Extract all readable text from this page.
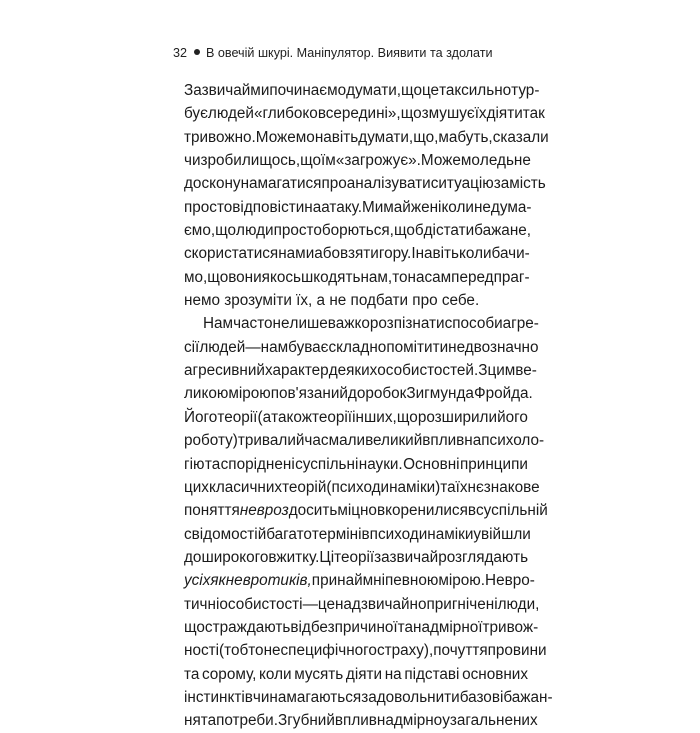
32 В овечій шкурі. Маніпулятор. Виявити та здолати
Зазвичай ми починаємо думати, що це так сильно тур-
бує людей «глибоко всередині», що змушує їх діяти так
тривожно. Можемо навіть думати, що, мабуть, сказали
чи зробили щось, що їм «загрожує». Можемо ледь не
до скону намагатися проаналізувати ситуацію замість
просто відповісти на атаку. Ми майже ніколи не дума-
ємо, що люди просто борються, щоб дістати бажане,
скористатися нами або взяти гору. І навіть коли бачи-
мо, що вони якось шкодять нам, то насамперед праг-
немо
зрозуміти
їх,
а
не
подбати
про
себе.
Нам часто не лише важко розпізнати способи агре-
сії людей — нам буває складно помітити недвозначно
агресивний характер деяких особистостей. З цим ве-
ликою мірою пов'язаний доробок Зигмунда Фройда.
Його теорії (а також теорії інших, що розширили його
роботу) тривалий час мали великий вплив на психоло-
гію та споріднені суспільні науки. Основні принципи
цих класичних теорій (психодинаміки) та їхнє знакове
поняття невроз досить міцно вкоренилися в суспільній
свідомості й багато термінів психодинаміки увійшли
до широкого вжитку. Ці теорії зазвичай розглядають
усіх як невротиків, принаймні певною мірою. Невро-
тичні особистості — це надзвичайно пригнічені люди,
що страждають від безпричиної та надмірної тривож-
ності (тобто неспецифічного страху), почуття провини
та сорому, коли мусять діяти на підставі основних
інстинктів чи намагаються задовольнити базові бажан-
ня та потреби. Згубний вплив надмірно узагальнених
